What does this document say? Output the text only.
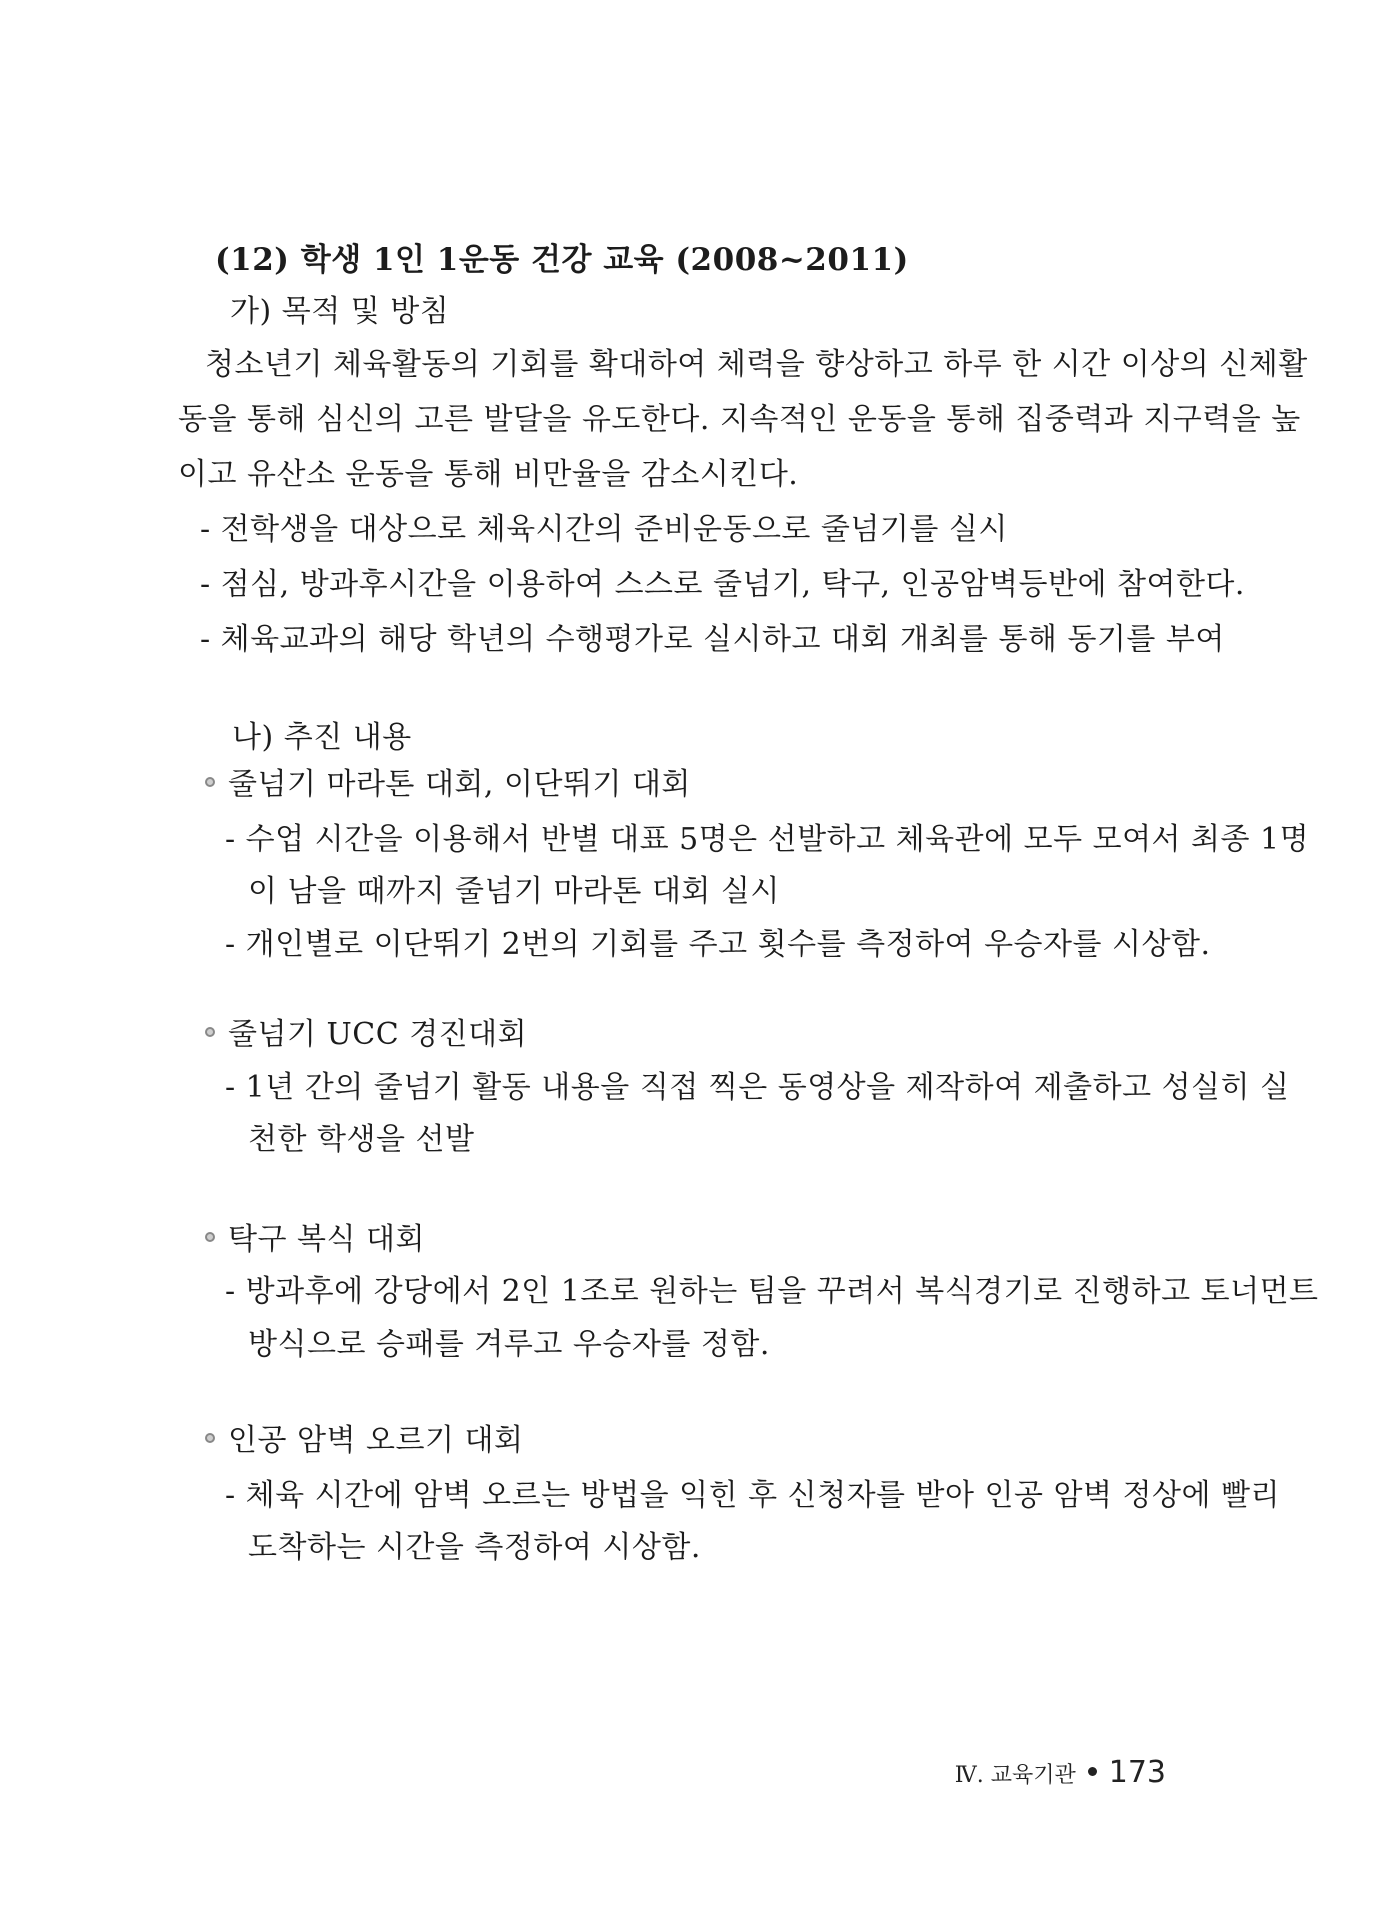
(12) 학생 1인 1운동 건강 교육 (2008~2011)
가) 목적 및 방침
청소년기 체육활동의 기회를 확대하여 체력을 향상하고 하루 한 시간 이상의 신체활
동을 통해 심신의 고른 발달을 유도한다. 지속적인 운동을 통해 집중력과 지구력을 높
이고 유산소 운동을 통해 비만율을 감소시킨다.
- 전학생을 대상으로 체육시간의 준비운동으로 줄넘기를 실시
- 점심, 방과후시간을 이용하여 스스로 줄넘기, 탁구, 인공암벽등반에 참여한다.
- 체육교과의 해당 학년의 수행평가로 실시하고 대회 개최를 통해 동기를 부여
나) 추진 내용
줄넘기 마라톤 대회, 이단뛰기 대회
- 수업 시간을 이용해서 반별 대표 5명은 선발하고 체육관에 모두 모여서 최종 1명
이 남을 때까지 줄넘기 마라톤 대회 실시
- 개인별로 이단뛰기 2번의 기회를 주고 횟수를 측정하여 우승자를 시상함.
줄넘기 UCC 경진대회
- 1년 간의 줄넘기 활동 내용을 직접 찍은 동영상을 제작하여 제출하고 성실히 실
천한 학생을 선발
탁구 복식 대회
- 방과후에 강당에서 2인 1조로 원하는 팀을 꾸려서 복식경기로 진행하고 토너먼트
방식으로 승패를 겨루고 우승자를 정함.
인공 암벽 오르기 대회
- 체육 시간에 암벽 오르는 방법을 익힌 후 신청자를 받아 인공 암벽 정상에 빨리
도착하는 시간을 측정하여 시상함.
Ⅳ. 교육기관 173
